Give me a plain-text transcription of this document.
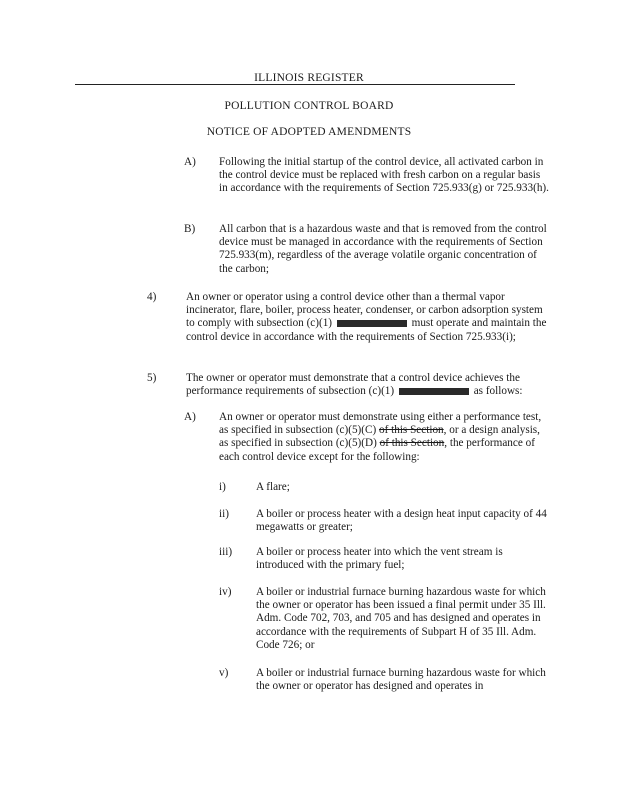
ILLINOIS REGISTER
POLLUTION CONTROL BOARD
NOTICE OF ADOPTED AMENDMENTS
A) Following the initial startup of the control device, all activated carbon in the control device must be replaced with fresh carbon on a regular basis in accordance with the requirements of Section 725.933(g) or 725.933(h).
B) All carbon that is a hazardous waste and that is removed from the control device must be managed in accordance with the requirements of Section 725.933(m), regardless of the average volatile organic concentration of the carbon;
4)	An owner or operator using a control device other than a thermal vapor incinerator, flare, boiler, process heater, condenser, or carbon adsorption system to comply with subsection (c)(1)	must operate and maintain the control device in accordance with the requirements of Section 725.933(i);
5)	The owner or operator must demonstrate that a control device achieves the performance requirements of subsection (c)(1)	as follows:
A) An owner or operator must demonstrate using either a performance test, as specified in subsection (c)(5)(C) of this Section, or a design analysis, as specified in subsection (c)(5)(D) of this Section, the performance of each control device except for the following:
i)	A flare;
ii) A boiler or process heater with a design heat input capacity of 44 megawatts or greater;
iii) A boiler or process heater into which the vent stream is introduced with the primary fuel;
iv) A boiler or industrial furnace burning hazardous waste for which the owner or operator has been issued a final permit under 35 Ill. Adm. Code 702, 703, and 705 and has designed and operates in accordance with the requirements of Subpart H of 35 Ill. Adm. Code 726; or
v) A boiler or industrial furnace burning hazardous waste for which the owner or operator has designed and operates in
